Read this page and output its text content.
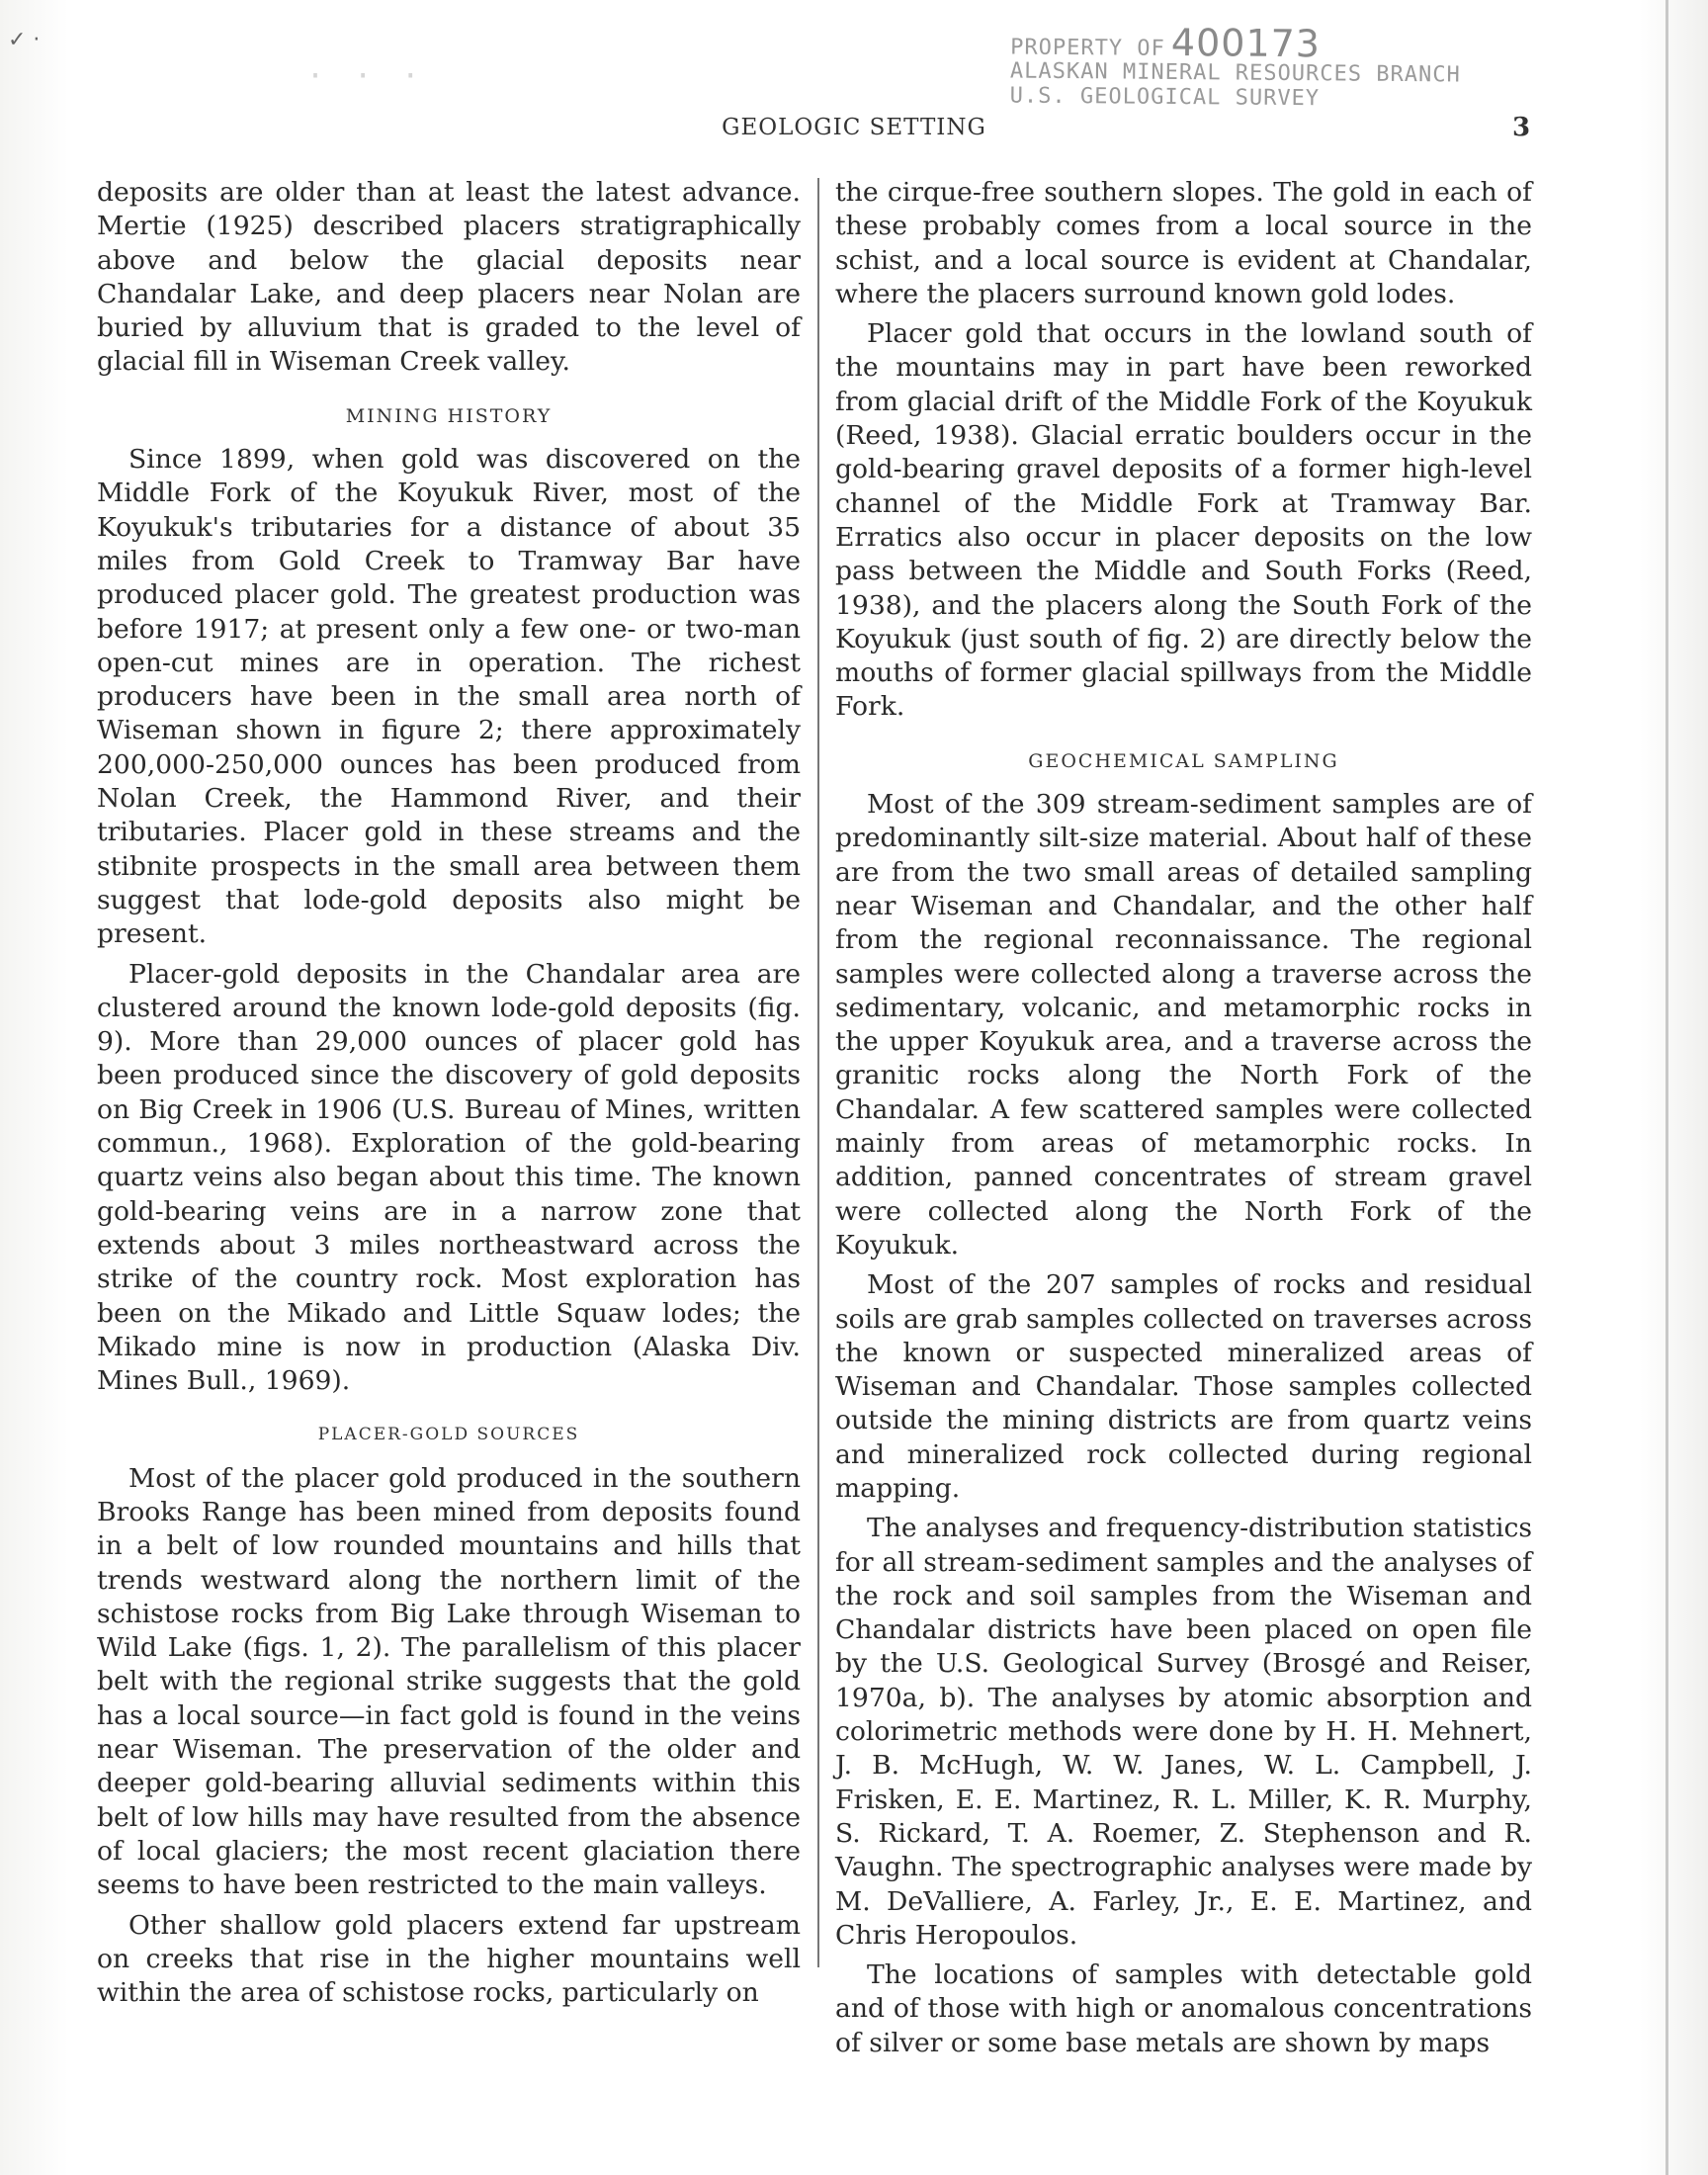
✓ ·
· · ·
PROPERTY OF 400173
ALASKAN MINERAL RESOURCES BRANCH
U.S. GEOLOGICAL SURVEY
GEOLOGIC SETTING	3

deposits are older than at least the latest advance. Mertie (1925) described placers stratigraphically above and below the glacial deposits near Chandalar Lake, and deep placers near Nolan are buried by alluvium that is graded to the level of glacial fill in Wiseman Creek valley.

MINING HISTORY

Since 1899, when gold was discovered on the Middle Fork of the Koyukuk River, most of the Koyukuk's tributaries for a distance of about 35 miles from Gold Creek to Tramway Bar have produced placer gold. The greatest production was before 1917; at present only a few one- or two-man open-cut mines are in operation. The richest producers have been in the small area north of Wiseman shown in figure 2; there approximately 200,000-250,000 ounces has been produced from Nolan Creek, the Hammond River, and their tributaries. Placer gold in these streams and the stibnite prospects in the small area between them suggest that lode-gold deposits also might be present.

Placer-gold deposits in the Chandalar area are clustered around the known lode-gold deposits (fig. 9). More than 29,000 ounces of placer gold has been produced since the discovery of gold deposits on Big Creek in 1906 (U.S. Bureau of Mines, written commun., 1968). Exploration of the gold-bearing quartz veins also began about this time. The known gold-bearing veins are in a narrow zone that extends about 3 miles northeastward across the strike of the country rock. Most exploration has been on the Mikado and Little Squaw lodes; the Mikado mine is now in production (Alaska Div. Mines Bull., 1969).

PLACER-GOLD SOURCES

Most of the placer gold produced in the southern Brooks Range has been mined from deposits found in a belt of low rounded mountains and hills that trends westward along the northern limit of the schistose rocks from Big Lake through Wiseman to Wild Lake (figs. 1, 2). The parallelism of this placer belt with the regional strike suggests that the gold has a local source—in fact gold is found in the veins near Wiseman. The preservation of the older and deeper gold-bearing alluvial sediments within this belt of low hills may have resulted from the absence of local glaciers; the most recent glaciation there seems to have been restricted to the main valleys.

Other shallow gold placers extend far upstream on creeks that rise in the higher mountains well within the area of schistose rocks, particularly on

the cirque-free southern slopes. The gold in each of these probably comes from a local source in the schist, and a local source is evident at Chandalar, where the placers surround known gold lodes.

Placer gold that occurs in the lowland south of the mountains may in part have been reworked from glacial drift of the Middle Fork of the Koyukuk (Reed, 1938). Glacial erratic boulders occur in the gold-bearing gravel deposits of a former high-level channel of the Middle Fork at Tramway Bar. Erratics also occur in placer deposits on the low pass between the Middle and South Forks (Reed, 1938), and the placers along the South Fork of the Koyukuk (just south of fig. 2) are directly below the mouths of former glacial spillways from the Middle Fork.

GEOCHEMICAL SAMPLING

Most of the 309 stream-sediment samples are of predominantly silt-size material. About half of these are from the two small areas of detailed sampling near Wiseman and Chandalar, and the other half from the regional reconnaissance. The regional samples were collected along a traverse across the sedimentary, volcanic, and metamorphic rocks in the upper Koyukuk area, and a traverse across the granitic rocks along the North Fork of the Chandalar. A few scattered samples were collected mainly from areas of metamorphic rocks. In addition, panned concentrates of stream gravel were collected along the North Fork of the Koyukuk.

Most of the 207 samples of rocks and residual soils are grab samples collected on traverses across the known or suspected mineralized areas of Wiseman and Chandalar. Those samples collected outside the mining districts are from quartz veins and mineralized rock collected during regional mapping.

The analyses and frequency-distribution statistics for all stream-sediment samples and the analyses of the rock and soil samples from the Wiseman and Chandalar districts have been placed on open file by the U.S. Geological Survey (Brosgé and Reiser, 1970a, b). The analyses by atomic absorption and colorimetric methods were done by H. H. Mehnert, J. B. McHugh, W. W. Janes, W. L. Campbell, J. Frisken, E. E. Martinez, R. L. Miller, K. R. Murphy, S. Rickard, T. A. Roemer, Z. Stephenson and R. Vaughn. The spectrographic analyses were made by M. DeValliere, A. Farley, Jr., E. E. Martinez, and Chris Heropoulos.

The locations of samples with detectable gold and of those with high or anomalous concentrations of silver or some base metals are shown by maps
